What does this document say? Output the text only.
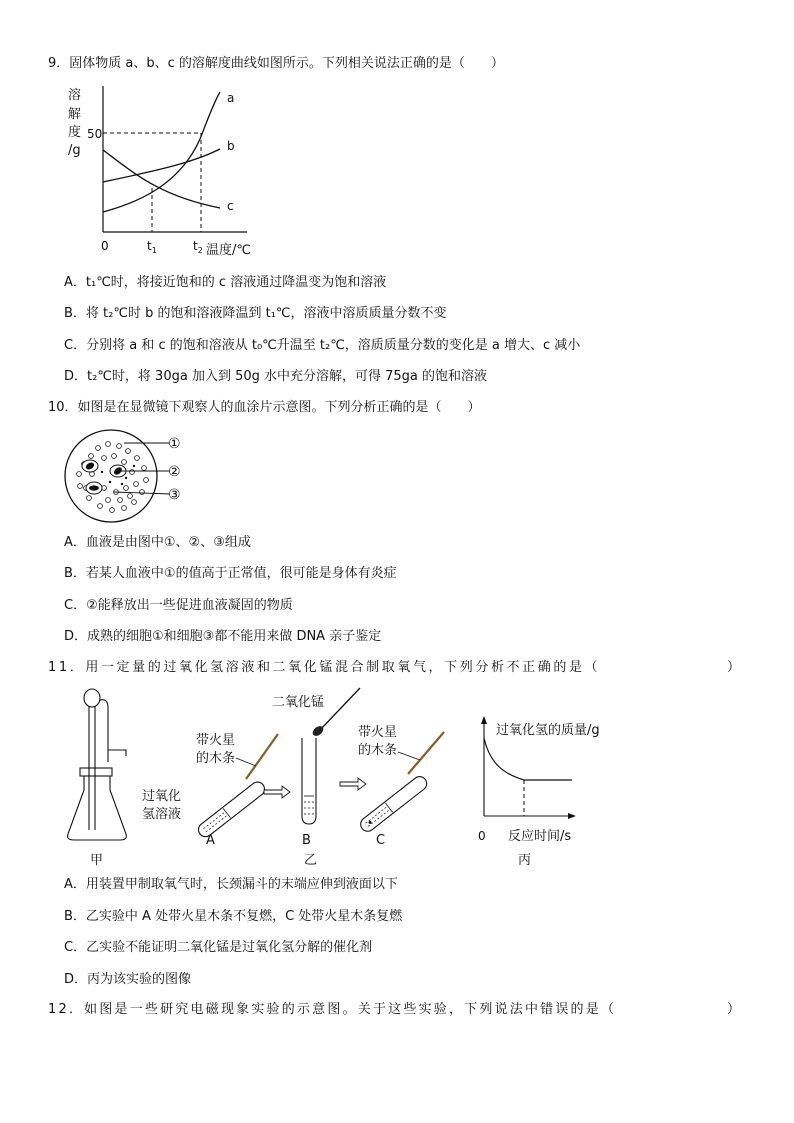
9．固体物质 a、b、c 的溶解度曲线如图所示。下列相关说法正确的是（　　）
溶
解
度
/g
50
0	$t_1$	$t_2$ 温度/℃
a
b
c
A．t₁℃时，将接近饱和的 c 溶液通过降温变为饱和溶液
B．将 t₂℃时 b 的饱和溶液降温到 t₁℃，溶液中溶质质量分数不变
C．分别将 a 和 c 的饱和溶液从 t₀℃升温至 t₂℃，溶质质量分数的变化是 a 增大、c 减小
D．t₂℃时，将 30ga 加入到 50g 水中充分溶解，可得 75ga 的饱和溶液
10．如图是在显微镜下观察人的血涂片示意图。下列分析正确的是（　　）
①
②
③
A．血液是由图中①、②、③组成
B．若某人血液中①的值高于正常值，很可能是身体有炎症
C．②能释放出一些促进血液凝固的物质
D．成熟的细胞①和细胞③都不能用来做 DNA 亲子鉴定
11．用一定量的过氧化氢溶液和二氧化锰混合制取氧气，下列分析不正确的是（	）
甲
带火星
的木条
过氧化
氢溶液
A
二氧化锰
B
带火星
的木条
C
乙
过氧化氢的质量/g
0 反应时间/s
丙
A．用装置甲制取氧气时，长颈漏斗的末端应伸到液面以下
B．乙实验中 A 处带火星木条不复燃，C 处带火星木条复燃
C．乙实验不能证明二氧化锰是过氧化氢分解的催化剂
D．丙为该实验的图像
12．如图是一些研究电磁现象实验的示意图。关于这些实验，下列说法中错误的是（	）
